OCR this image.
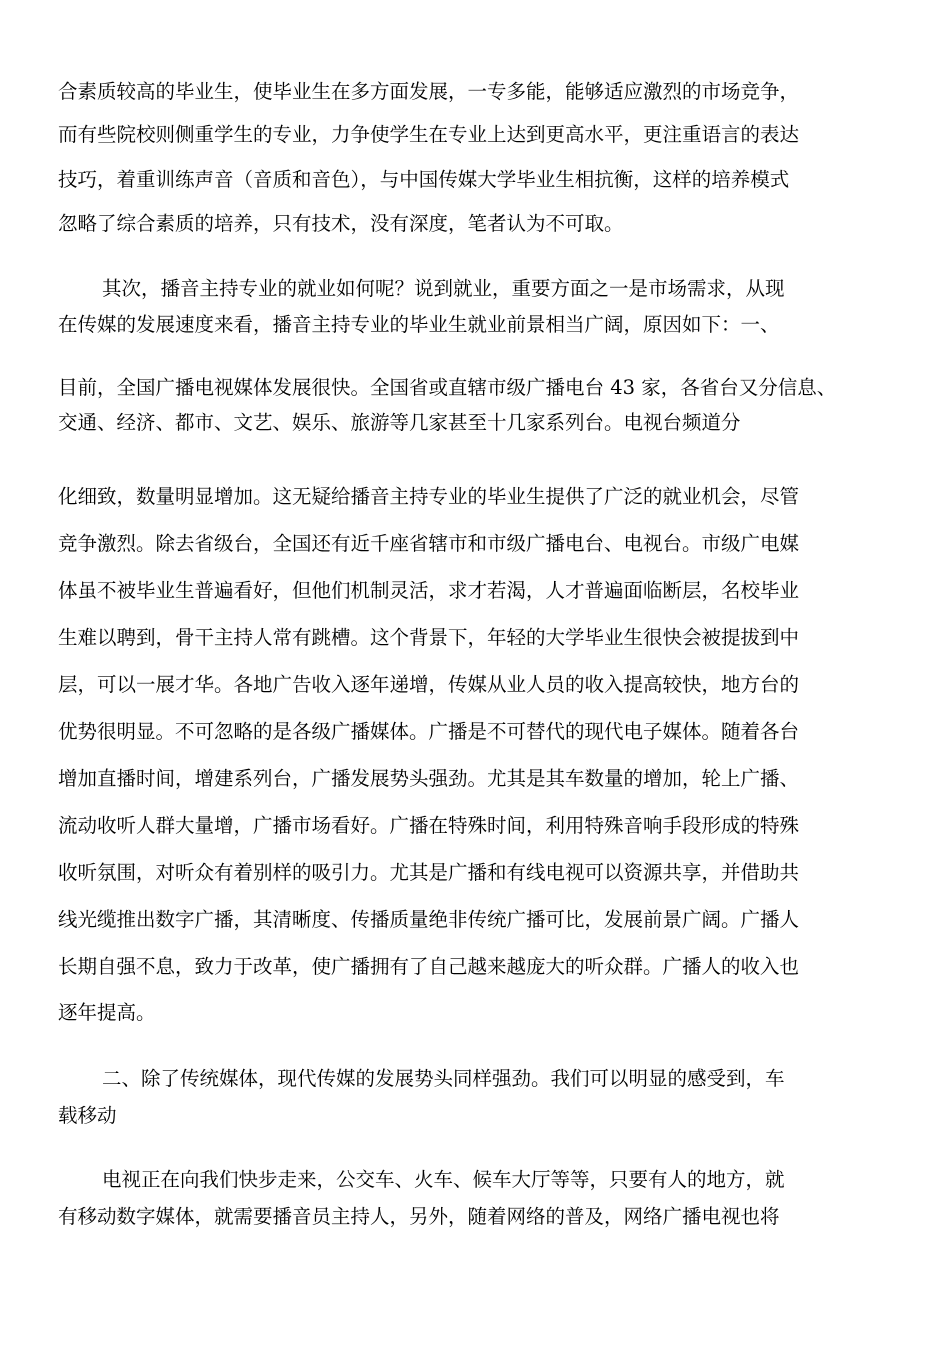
合素质较高的毕业生，使毕业生在多方面发展，一专多能，能够适应激烈的市场竞争，
而有些院校则侧重学生的专业，力争使学生在专业上达到更高水平，更注重语言的表达
技巧，着重训练声音（音质和音色），与中国传媒大学毕业生相抗衡，这样的培养模式
忽略了综合素质的培养，只有技术，没有深度，笔者认为不可取。
其次，播音主持专业的就业如何呢？说到就业，重要方面之一是市场需求，从现
在传媒的发展速度来看，播音主持专业的毕业生就业前景相当广阔，原因如下：一、
目前，全国广播电视媒体发展很快。全国省或直辖市级广播电台 43 家，各省台又分信息、
交通、经济、都市、文艺、娱乐、旅游等几家甚至十几家系列台。电视台频道分
化细致，数量明显增加。这无疑给播音主持专业的毕业生提供了广泛的就业机会，尽管
竞争激烈。除去省级台，全国还有近千座省辖市和市级广播电台、电视台。市级广电媒
体虽不被毕业生普遍看好，但他们机制灵活，求才若渴，人才普遍面临断层，名校毕业
生难以聘到，骨干主持人常有跳槽。这个背景下，年轻的大学毕业生很快会被提拔到中
层，可以一展才华。各地广告收入逐年递增，传媒从业人员的收入提高较快，地方台的
优势很明显。不可忽略的是各级广播媒体。广播是不可替代的现代电子媒体。随着各台
增加直播时间，增建系列台，广播发展势头强劲。尤其是其车数量的增加，轮上广播、
流动收听人群大量增，广播市场看好。广播在特殊时间，利用特殊音响手段形成的特殊
收听氛围，对听众有着别样的吸引力。尤其是广播和有线电视可以资源共享，并借助共
线光缆推出数字广播，其清晰度、传播质量绝非传统广播可比，发展前景广阔。广播人
长期自强不息，致力于改革，使广播拥有了自己越来越庞大的听众群。广播人的收入也
逐年提高。
二、除了传统媒体，现代传媒的发展势头同样强劲。我们可以明显的感受到，车
载移动
电视正在向我们快步走来，公交车、火车、候车大厅等等，只要有人的地方，就
有移动数字媒体，就需要播音员主持人，另外，随着网络的普及，网络广播电视也将
